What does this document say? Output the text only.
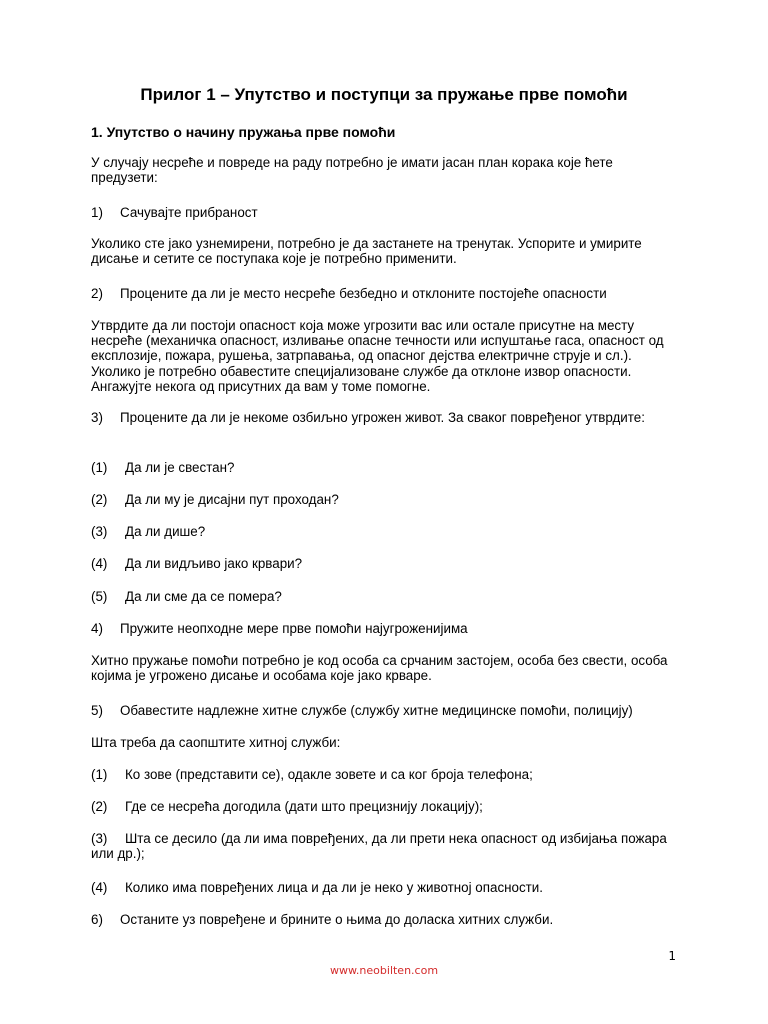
Прилог 1 – Упутство и поступци за пружање прве помоћи
1. Упутство о начину пружања прве помоћи
У случају несреће и повреде на раду потребно је имати јасан план корака које ћете предузети:
1) Сачувајте прибраност
Уколико сте јако узнемирени, потребно је да застанете на тренутак. Успорите и умирите дисање и сетите се поступака које је потребно применити.
2) Процените да ли је место несреће безбедно и отклоните постојеће опасности
Утврдите да ли постоји опасност која може угрозити вас или остале присутне на месту несреће (механичка опасност, изливање опасне течности или испуштање гаса, опасност од експлозије, пожара, рушења, затрпавања, од опасног дејства електричне струје и сл.). Уколико је потребно обавестите специјализоване службе да отклоне извор опасности. Ангажујте некога од присутних да вам у томе помогне.
3) Процените да ли је некоме озбиљно угрожен живот. За сваког повређеног утврдите:
(1) Да ли је свестан?
(2) Да ли му је дисајни пут проходан?
(3) Да ли дише?
(4) Да ли видљиво јако крвари?
(5) Да ли сме да се помера?
4) Пружите неопходне мере прве помоћи најугроженијима
Хитно пружање помоћи потребно је код особа са срчаним застојем, особа без свести, особа којима је угрожено дисање и особама које јако крваре.
5) Обавестите надлежне хитне службе (службу хитне медицинске помоћи, полицију)
Шта треба да саопштите хитној служби:
(1) Ко зове (представити се), одакле зовете и са ког броја телефона;
(2) Где се несрећа догодила (дати што прецизнију локацију);
(3) Шта се десило (да ли има повређених, да ли прети нека опасност од избијања пожара или др.);
(4) Колико има повређених лица и да ли је неко у животној опасности.
6) Останите уз повређене и брините о њима до доласка хитних служби.
1
www.neobilten.com
